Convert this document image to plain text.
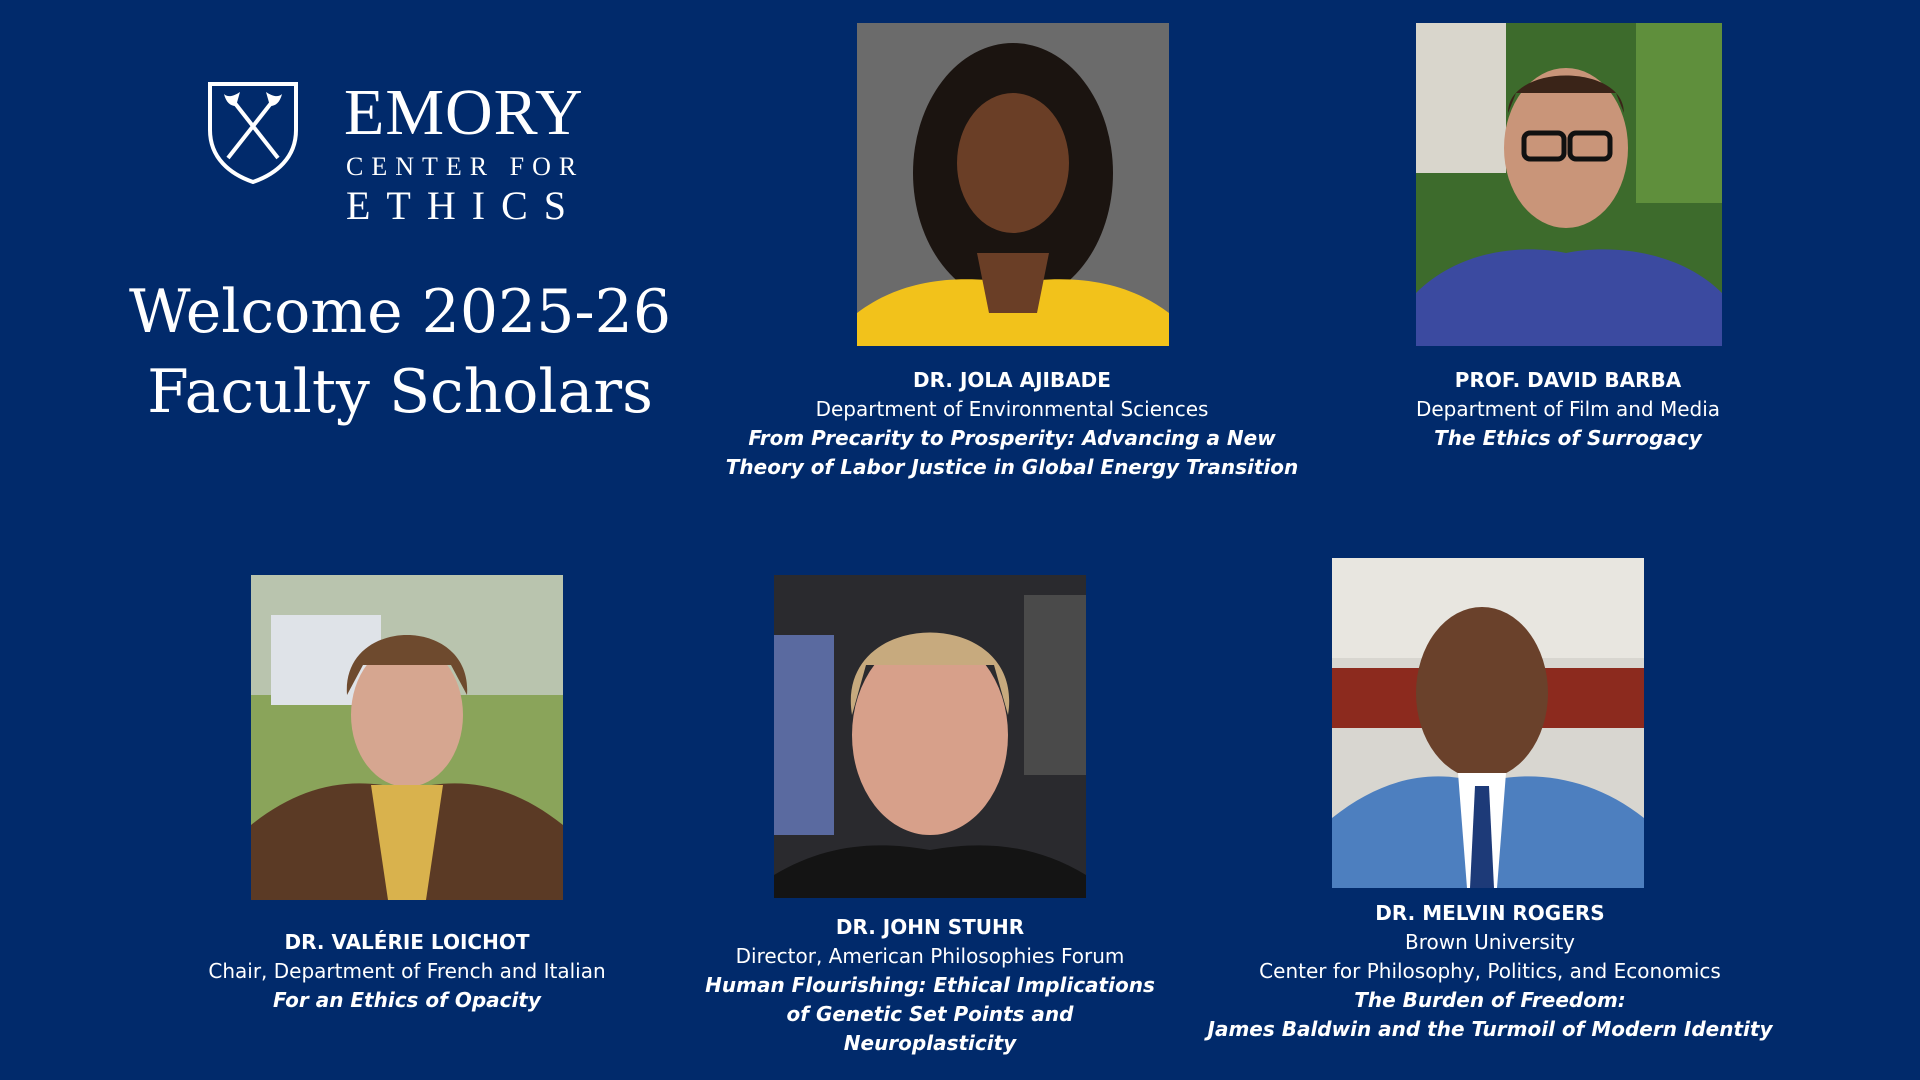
EMORY
CENTER FOR
ETHICS
Welcome 2025-26
Faculty Scholars	DR. JOLA AJIBADE
Department of Environmental Sciences
From Precarity to Prosperity: Advancing a New
Theory of Labor Justice in Global Energy Transition
PROF. DAVID BARBA
Department of Film and Media
The Ethics of Surrogacy
DR. VALÉRIE LOICHOT
Chair, Department of French and Italian
For an Ethics of Opacity
DR. JOHN STUHR
Director, American Philosophies Forum
Human Flourishing: Ethical Implications
of Genetic Set Points and Neuroplasticity
DR. MELVIN ROGERS
Brown University
Center for Philosophy, Politics, and Economics
The Burden of Freedom:
James Baldwin and the Turmoil of Modern Identity
